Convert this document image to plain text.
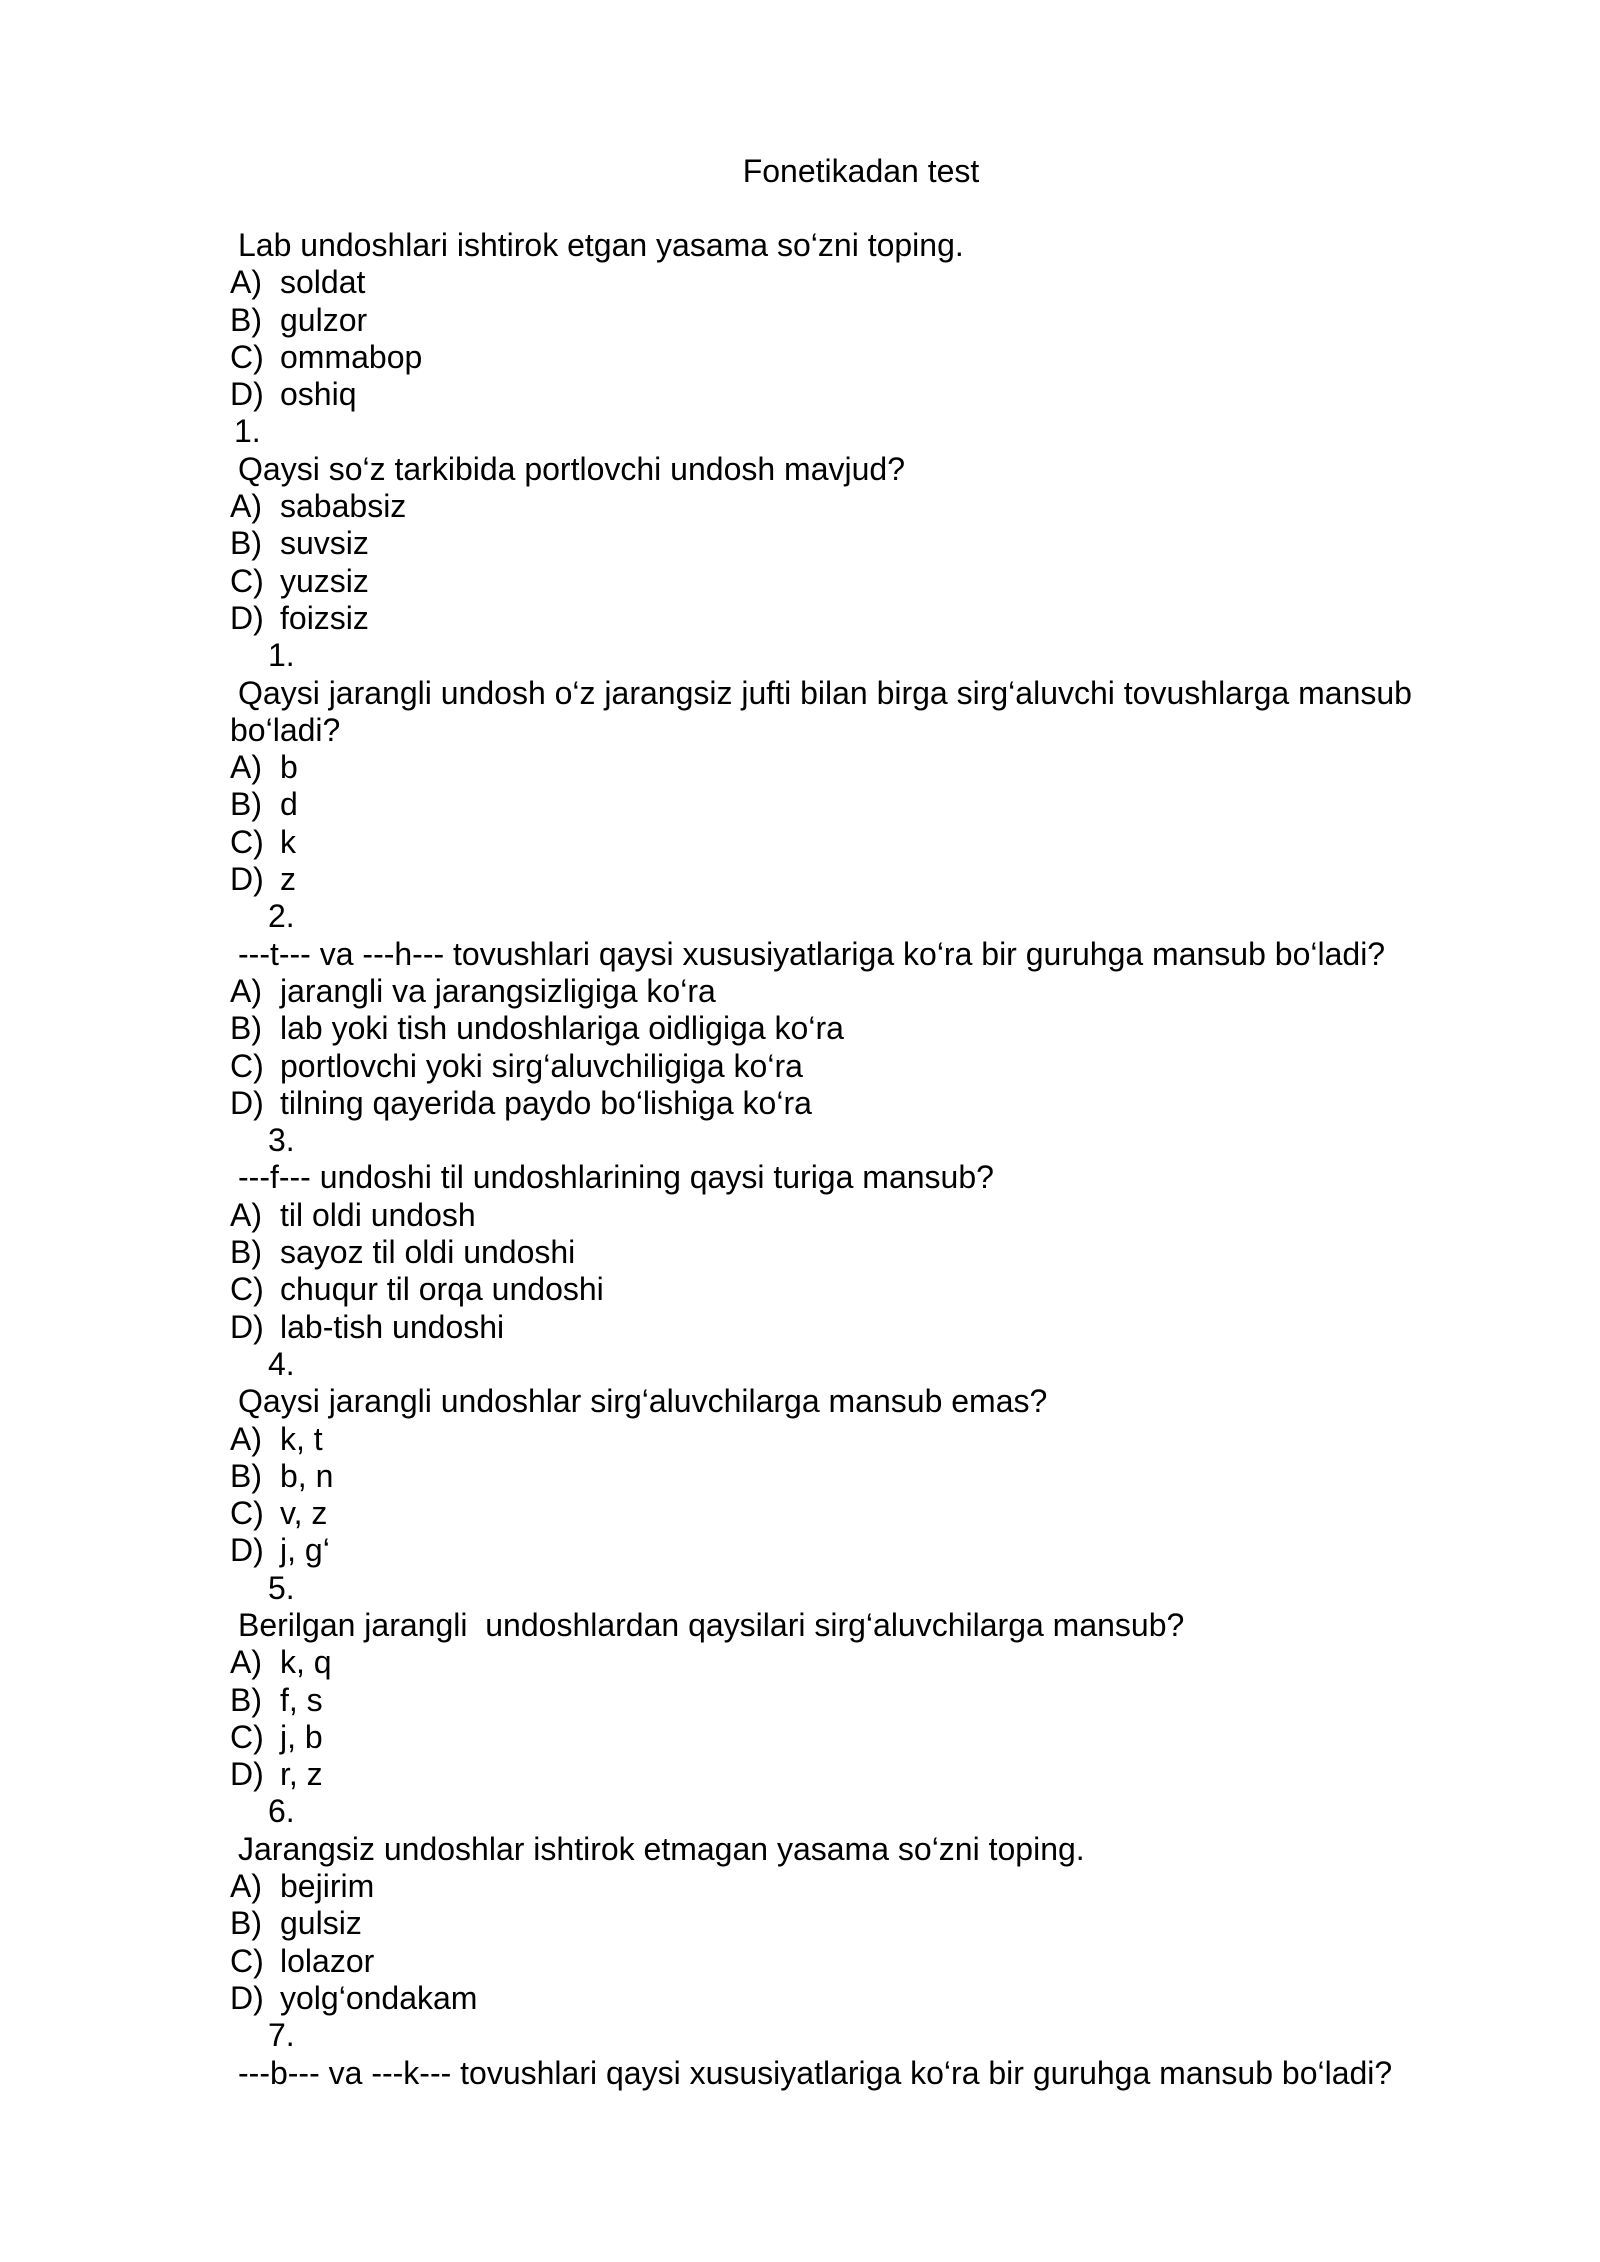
Fonetikadan test
Lab undoshlari ishtirok etgan yasama so‘zni toping.
A) soldat
B) gulzor
C) ommabop
D) oshiq
1.
Qaysi so‘z tarkibida portlovchi undosh mavjud?
A) sababsiz
B) suvsiz
C) yuzsiz
D) foizsiz
1.
Qaysi jarangli undosh o‘z jarangsiz jufti bilan birga sirg‘aluvchi tovushlarga mansub
bo‘ladi?
A) b
B) d
C) k
D) z
2.
---t--- va ---h--- tovushlari qaysi xususiyatlariga ko‘ra bir guruhga mansub bo‘ladi?
A) jarangli va jarangsizligiga ko‘ra
B) lab yoki tish undoshlariga oidligiga ko‘ra
C) portlovchi yoki sirg‘aluvchiligiga ko‘ra
D) tilning qayerida paydo bo‘lishiga ko‘ra
3.
---f--- undoshi til undoshlarining qaysi turiga mansub?
A) til oldi undosh
B) sayoz til oldi undoshi
C) chuqur til orqa undoshi
D) lab-tish undoshi
4.
Qaysi jarangli undoshlar sirg‘aluvchilarga mansub emas?
A) k, t
B) b, n
C) v, z
D) j, g‘
5.
Berilgan jarangli  undoshlardan qaysilari sirg‘aluvchilarga mansub?
A) k, q
B) f, s
C) j, b
D) r, z
6.
Jarangsiz undoshlar ishtirok etmagan yasama so‘zni toping.
A) bejirim
B) gulsiz
C) lolazor
D) yolg‘ondakam
7.
---b--- va ---k--- tovushlari qaysi xususiyatlariga ko‘ra bir guruhga mansub bo‘ladi?
